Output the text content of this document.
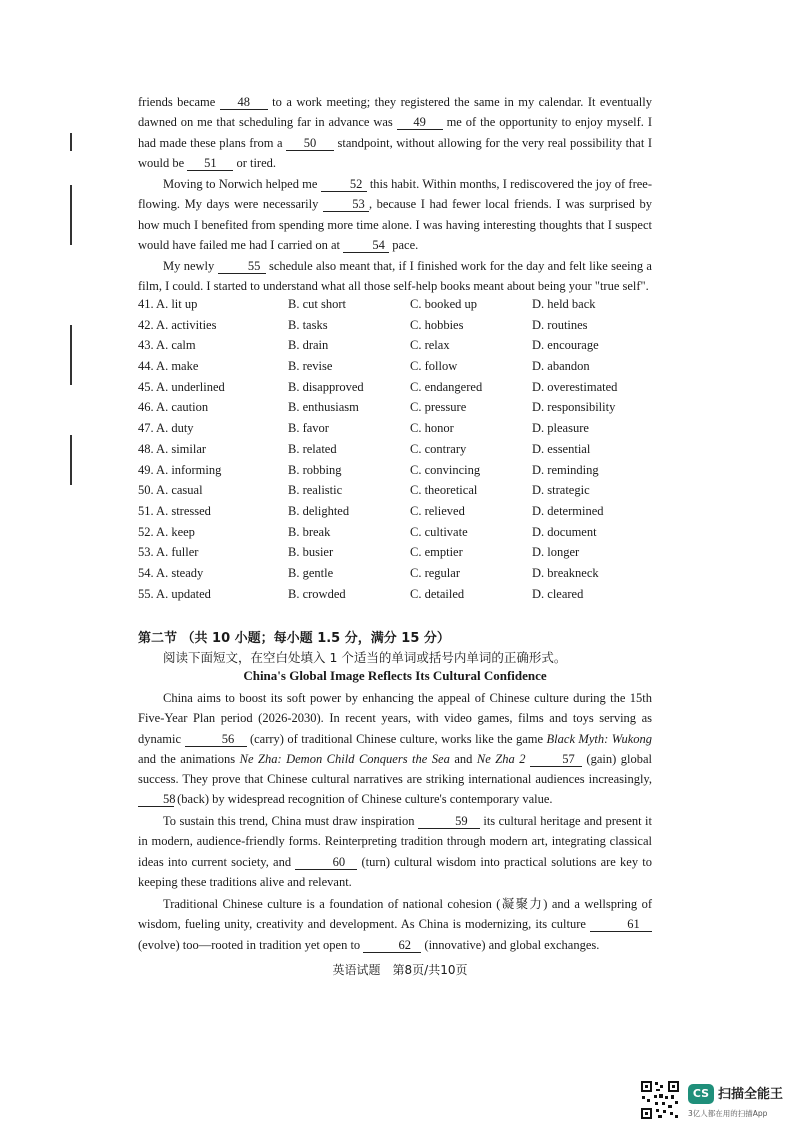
friends became 48 to a work meeting; they registered the same in my calendar. It eventually dawned on me that scheduling far in advance was 49 me of the opportunity to enjoy myself. I had made these plans from a 50 standpoint, without allowing for the very real possibility that I would be 51 or tired.

Moving to Norwich helped me 52 this habit. Within months, I rediscovered the joy of free-flowing. My days were necessarily 53 , because I had fewer local friends. I was surprised by how much I benefited from spending more time alone. I was having interesting thoughts that I suspect would have failed me had I carried on at 54 pace.

My newly 55 schedule also meant that, if I finished work for the day and felt like seeing a film, I could. I started to understand what all those self-help books meant about being your "true self".

41. A. lit up	B. cut short	C. booked up	D. held back
42. A. activities	B. tasks	C. hobbies	D. routines
43. A. calm	B. drain	C. relax	D. encourage
44. A. make	B. revise	C. follow	D. abandon
45. A. underlined	B. disapproved	C. endangered	D. overestimated
46. A. caution	B. enthusiasm	C. pressure	D. responsibility
47. A. duty	B. favor	C. honor	D. pleasure
48. A. similar	B. related	C. contrary	D. essential
49. A. informing	B. robbing	C. convincing	D. reminding
50. A. casual	B. realistic	C. theoretical	D. strategic
51. A. stressed	B. delighted	C. relieved	D. determined
52. A. keep	B. break	C. cultivate	D. document
53. A. fuller	B. busier	C. emptier	D. longer
54. A. steady	B. gentle	C. regular	D. breakneck
55. A. updated	B. crowded	C. detailed	D. cleared
第二节 （共 10 小题；每小题 1.5 分，满分 15 分）
阅读下面短文，在空白处填入 1 个适当的单词或括号内单词的正确形式。
China's Global Image Reflects Its Cultural Confidence

China aims to boost its soft power by enhancing the appeal of Chinese culture during the 15th Five-Year Plan period (2026-2030). In recent years, with video games, films and toys serving as dynamic	56 (carry) of traditional Chinese culture, works like the game Black Myth: Wukong and the animations Ne Zha: Demon Child Conquers the Sea and Ne Zha 2	57 (gain) global success. They prove that Chinese cultural narratives are striking international audiences increasingly, 58 (back) by widespread recognition of Chinese culture's contemporary value.

To sustain this trend, China must draw inspiration	59 its cultural heritage and present it in modern, audience-friendly forms. Reinterpreting tradition through modern art, integrating classical ideas into current society, and	60 (turn) cultural wisdom into practical solutions are key to keeping these traditions alive and relevant.

Traditional Chinese culture is a foundation of national cohesion (凝聚力) and a wellspring of wisdom, fueling unity, creativity and development. As China is modernizing, its culture	61 (evolve) too—rooted in tradition yet open to	62 (innovative) and global exchanges.

英语试题 第8页/共10页
CS 扫描全能王
3亿人都在用的扫描App
